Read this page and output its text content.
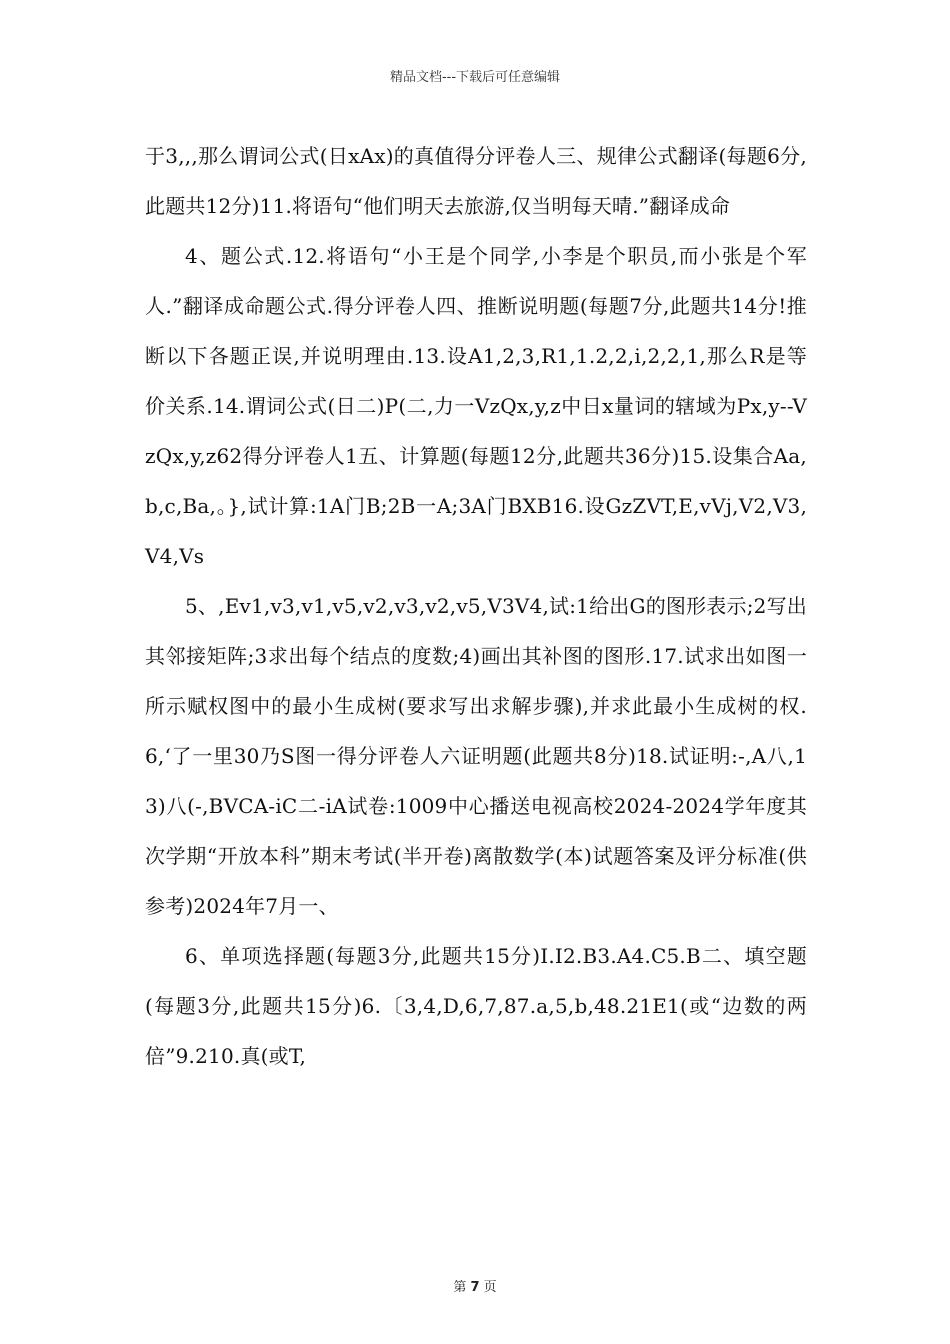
精品文档---下载后可任意编辑

于3,,,那么谓词公式(日xAx)的真值得分评卷人三、规律公式翻译(每题6分,此题共12分)11.将语句“他们明天去旅游,仅当明每天晴.”翻译成命

4、题公式.12.将语句“小王是个同学,小李是个职员,而小张是个军人.”翻译成命题公式.得分评卷人四、推断说明题(每题7分,此题共14分!推断以下各题正误,并说明理由.13.设A1,2,3,R1,1.2,2,i,2,2,1,那么R是等价关系.14.谓词公式(日二)P(二,力一VzQx,y,z中日x量词的辖域为Px,y--VzQx,y,z62得分评卷人1五、计算题(每题12分,此题共36分)15.设集合Aa,b,c,Ba,。},试计算:1A门B;2B一A;3A门BXB16.设GzZVT,E,vVj,V2,V3,V4,Vs

5、,Ev1,v3,v1,v5,v2,v3,v2,v5,V3V4,试:1给出G的图形表示;2写出其邻接矩阵;3求出每个结点的度数;4)画出其补图的图形.17.试求出如图一所示赋权图中的最小生成树(要求写出求解步骤),并求此最小生成树的权.6,‘了一里30乃S图一得分评卷人六证明题(此题共8分)18.试证明:-,A八,13)八(-,BVCA-iC二-iA试卷:1009中心播送电视高校2024-2024学年度其次学期“开放本科”期末考试(半开卷)离散数学(本)试题答案及评分标准(供参考)2024年7月一、

6、单项选择题(每题3分,此题共15分)I.I2.B3.A4.C5.B二、填空题(每题3分,此题共15分)6.〔3,4,D,6,7,87.a,5,b,48.21E1(或“边数的两倍”9.210.真(或T,

第 7 页
